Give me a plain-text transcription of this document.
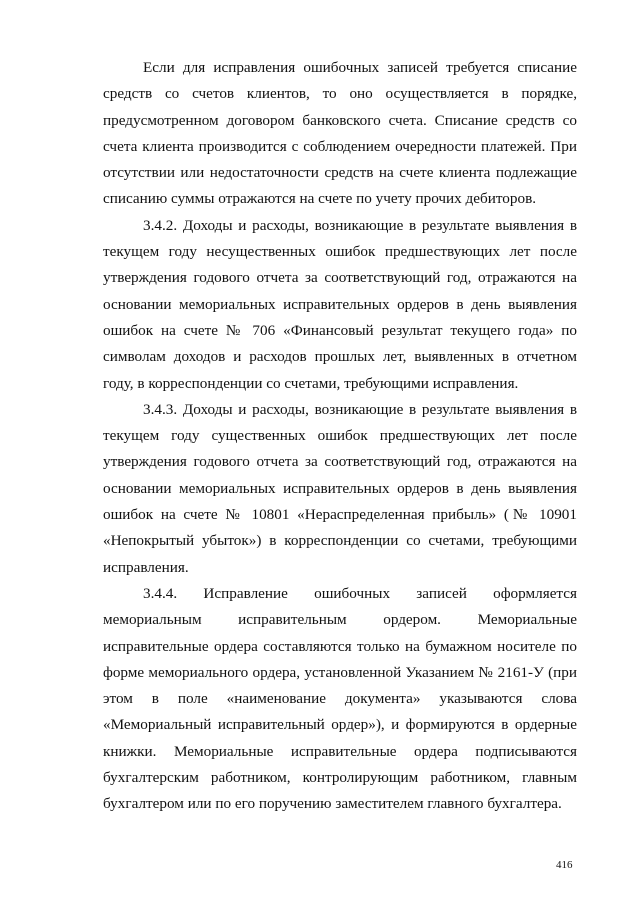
Если для исправления ошибочных записей требуется списание средств со счетов клиентов, то оно осуществляется в порядке, предусмотренном договором банковского счета. Списание средств со счета клиента производится с соблюдением очередности платежей. При отсутствии или недостаточности средств на счете клиента подлежащие списанию суммы отражаются на счете по учету прочих дебиторов.

3.4.2. Доходы и расходы, возникающие в результате выявления в текущем году несущественных ошибок предшествующих лет после утверждения годового отчета за соответствующий год, отражаются на основании мемориальных исправительных ордеров в день выявления ошибок на счете № 706 «Финансовый результат текущего года» по символам доходов и расходов прошлых лет, выявленных в отчетном году, в корреспонденции со счетами, требующими исправления.

3.4.3. Доходы и расходы, возникающие в результате выявления в текущем году существенных ошибок предшествующих лет после утверждения годового отчета за соответствующий год, отражаются на основании мемориальных исправительных ордеров в день выявления ошибок на счете № 10801 «Нераспределенная прибыль» (№ 10901 «Непокрытый убыток») в корреспонденции со счетами, требующими исправления.

3.4.4. Исправление ошибочных записей оформляется мемориальным исправительным ордером. Мемориальные исправительные ордера составляются только на бумажном носителе по форме мемориального ордера, установленной Указанием № 2161-У (при этом в поле «наименование документа» указываются слова «Мемориальный исправительный ордер»), и формируются в ордерные книжки. Мемориальные исправительные ордера подписываются бухгалтерским работником, контролирующим работником, главным бухгалтером или по его поручению заместителем главного бухгалтера.

416
